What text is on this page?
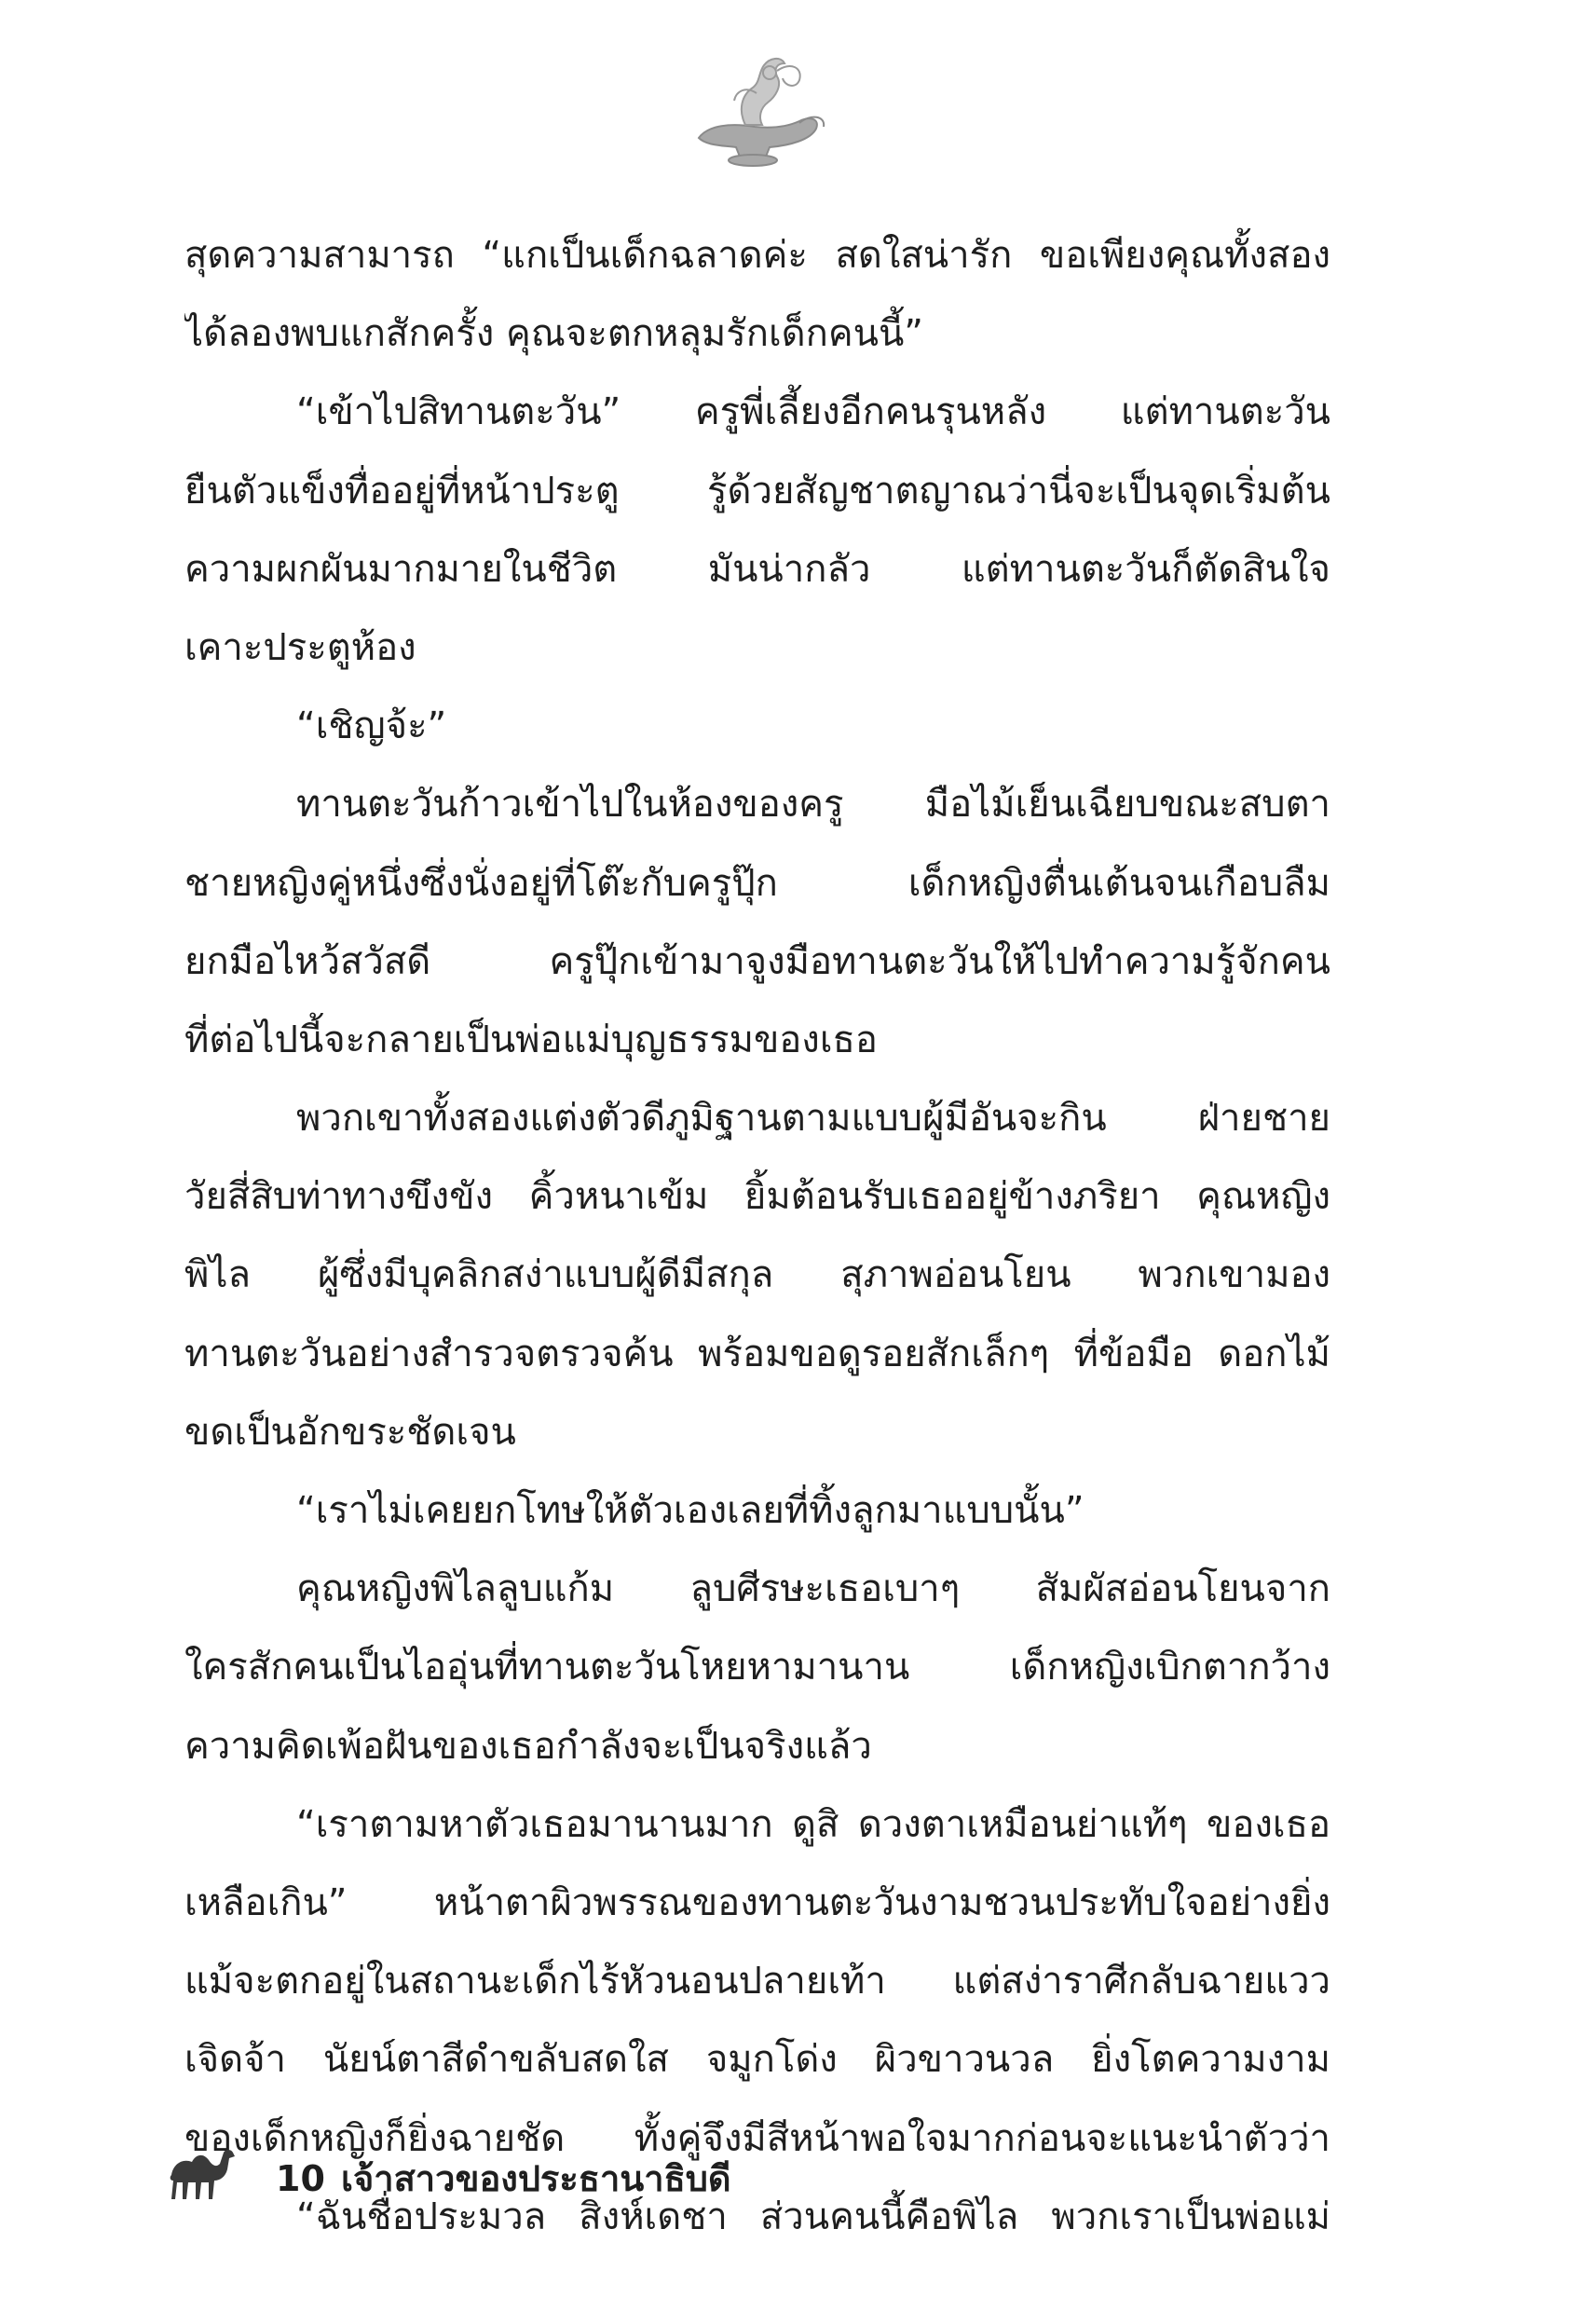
สุดความสามารถ “แกเป็นเด็กฉลาดค่ะ สดใสน่ารัก ขอเพียงคุณทั้งสอง
ได้ลองพบแกสักครั้ง คุณจะตกหลุมรักเด็กคนนี้”
“เข้าไปสิทานตะวัน” ครูพี่เลี้ยงอีกคนรุนหลัง แต่ทานตะวัน
ยืนตัวแข็งทื่ออยู่ที่หน้าประตู รู้ด้วยสัญชาตญาณว่านี่จะเป็นจุดเริ่มต้น
ความผกผันมากมายในชีวิต มันน่ากลัว แต่ทานตะวันก็ตัดสินใจ
เคาะประตูห้อง
“เชิญจ้ะ”
ทานตะวันก้าวเข้าไปในห้องของครู มือไม้เย็นเฉียบขณะสบตา
ชายหญิงคู่หนึ่งซึ่งนั่งอยู่ที่โต๊ะกับครูปุ๊ก เด็กหญิงตื่นเต้นจนเกือบลืม
ยกมือไหว้สวัสดี ครูปุ๊กเข้ามาจูงมือทานตะวันให้ไปทำความรู้จักคน
ที่ต่อไปนี้จะกลายเป็นพ่อแม่บุญธรรมของเธอ
พวกเขาทั้งสองแต่งตัวดีภูมิฐานตามแบบผู้มีอันจะกิน ฝ่ายชาย
วัยสี่สิบท่าทางขึงขัง คิ้วหนาเข้ม ยิ้มต้อนรับเธออยู่ข้างภริยา คุณหญิง
พิไล ผู้ซึ่งมีบุคลิกสง่าแบบผู้ดีมีสกุล สุภาพอ่อนโยน พวกเขามอง
ทานตะวันอย่างสำรวจตรวจค้น พร้อมขอดูรอยสักเล็กๆ ที่ข้อมือ ดอกไม้
ขดเป็นอักขระชัดเจน
“เราไม่เคยยกโทษให้ตัวเองเลยที่ทิ้งลูกมาแบบนั้น”
คุณหญิงพิไลลูบแก้ม ลูบศีรษะเธอเบาๆ สัมผัสอ่อนโยนจาก
ใครสักคนเป็นไออุ่นที่ทานตะวันโหยหามานาน เด็กหญิงเบิกตากว้าง
ความคิดเพ้อฝันของเธอกำลังจะเป็นจริงแล้ว
“เราตามหาตัวเธอมานานมาก ดูสิ ดวงตาเหมือนย่าแท้ๆ ของเธอ
เหลือเกิน” หน้าตาผิวพรรณของทานตะวันงามชวนประทับใจอย่างยิ่ง
แม้จะตกอยู่ในสถานะเด็กไร้หัวนอนปลายเท้า แต่สง่าราศีกลับฉายแวว
เจิดจ้า นัยน์ตาสีดำขลับสดใส จมูกโด่ง ผิวขาวนวล ยิ่งโตความงาม
ของเด็กหญิงก็ยิ่งฉายชัด ทั้งคู่จึงมีสีหน้าพอใจมากก่อนจะแนะนำตัวว่า
“ฉันชื่อประมวล สิงห์เดชา ส่วนคนนี้คือพิไล พวกเราเป็นพ่อแม่
10 เจ้าสาวของประธานาธิบดี
